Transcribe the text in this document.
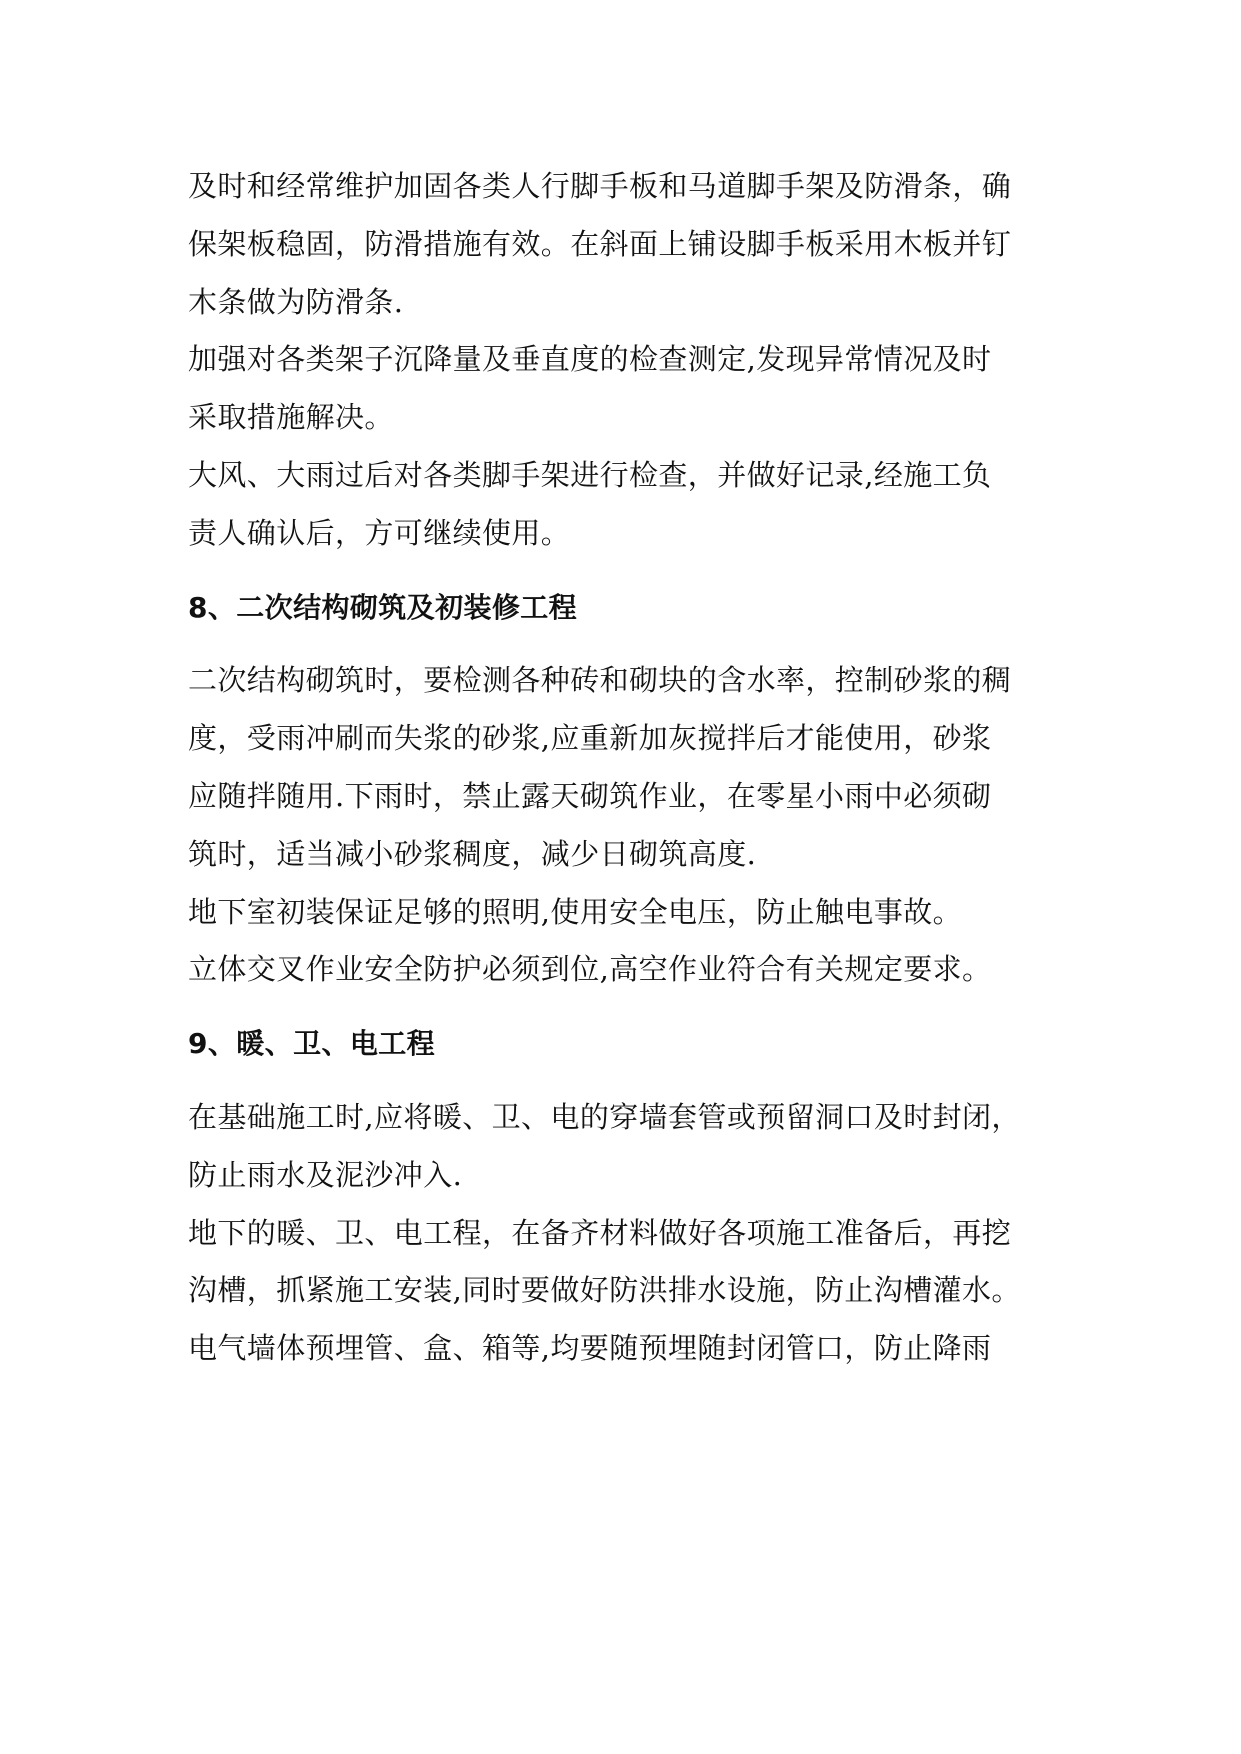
及时和经常维护加固各类人行脚手板和马道脚手架及防滑条，确
保架板稳固，防滑措施有效。在斜面上铺设脚手板采用木板并钉
木条做为防滑条.
加强对各类架子沉降量及垂直度的检查测定,发现异常情况及时
采取措施解决。
大风、大雨过后对各类脚手架进行检查，并做好记录,经施工负
责人确认后，方可继续使用。
8、二次结构砌筑及初装修工程
二次结构砌筑时，要检测各种砖和砌块的含水率，控制砂浆的稠
度，受雨冲刷而失浆的砂浆,应重新加灰搅拌后才能使用，砂浆
应随拌随用.下雨时，禁止露天砌筑作业，在零星小雨中必须砌
筑时，适当减小砂浆稠度，减少日砌筑高度.
地下室初装保证足够的照明,使用安全电压，防止触电事故。
立体交叉作业安全防护必须到位,高空作业符合有关规定要求。
9、暖、卫、电工程
在基础施工时,应将暖、卫、电的穿墙套管或预留洞口及时封闭，
防止雨水及泥沙冲入.
地下的暖、卫、电工程，在备齐材料做好各项施工准备后，再挖
沟槽，抓紧施工安装,同时要做好防洪排水设施，防止沟槽灌水。
电气墙体预埋管、盒、箱等,均要随预埋随封闭管口，防止降雨
